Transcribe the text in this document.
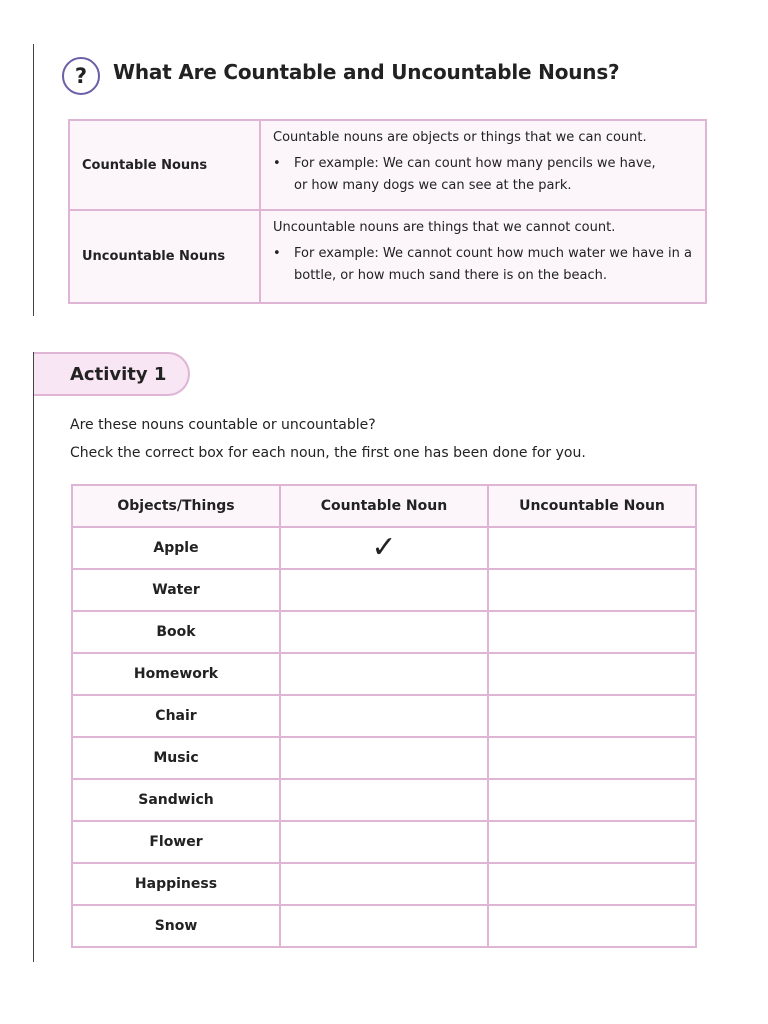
?	What Are Countable and Uncountable Nouns?
Countable Nouns	Countable nouns are objects or things that we can count.
• For example: We can count how many pencils we have,
or how many dogs we can see at the park.

Uncountable Nouns	Uncountable nouns are things that we cannot count.
• For example: We cannot count how much water we have in a
bottle, or how much sand there is on the beach.
Activity 1
Are these nouns countable or uncountable?
Check the correct box for each noun, the first one has been done for you.
Objects/Things	Countable Noun	Uncountable Noun
Apple	✓	
Water		
Book		
Homework		
Chair		
Music		
Sandwich		
Flower		
Happiness		
Snow		
